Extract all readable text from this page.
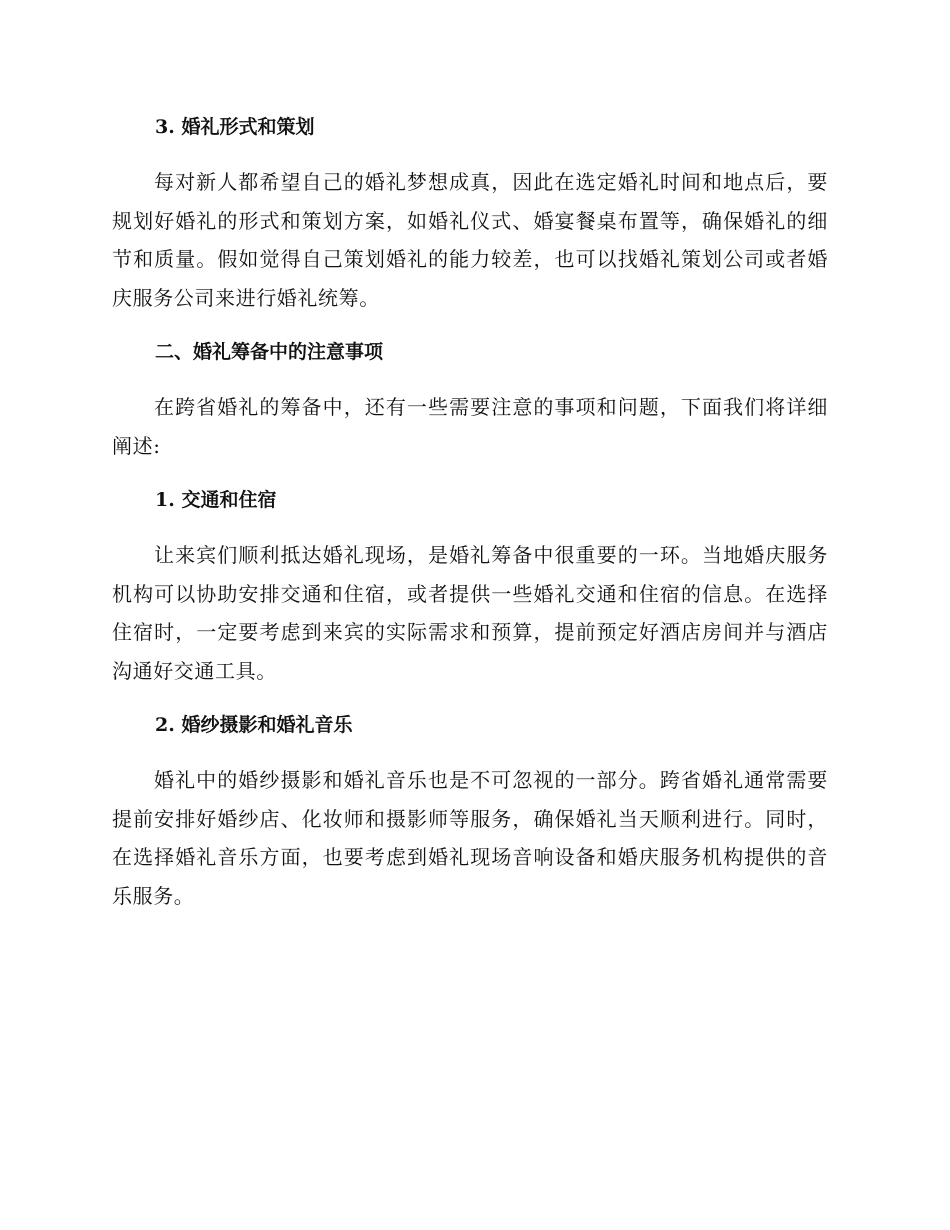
3. 婚礼形式和策划

每对新人都希望自己的婚礼梦想成真，因此在选定婚礼时间和地点后，要规划好婚礼的形式和策划方案，如婚礼仪式、婚宴餐桌布置等，确保婚礼的细节和质量。假如觉得自己策划婚礼的能力较差，也可以找婚礼策划公司或者婚庆服务公司来进行婚礼统筹。

二、婚礼筹备中的注意事项

在跨省婚礼的筹备中，还有一些需要注意的事项和问题，下面我们将详细阐述:

1. 交通和住宿

让来宾们顺利抵达婚礼现场，是婚礼筹备中很重要的一环。当地婚庆服务机构可以协助安排交通和住宿，或者提供一些婚礼交通和住宿的信息。在选择住宿时，一定要考虑到来宾的实际需求和预算，提前预定好酒店房间并与酒店沟通好交通工具。

2. 婚纱摄影和婚礼音乐

婚礼中的婚纱摄影和婚礼音乐也是不可忽视的一部分。跨省婚礼通常需要提前安排好婚纱店、化妆师和摄影师等服务，确保婚礼当天顺利进行。同时，在选择婚礼音乐方面，也要考虑到婚礼现场音响设备和婚庆服务机构提供的音乐服务。
